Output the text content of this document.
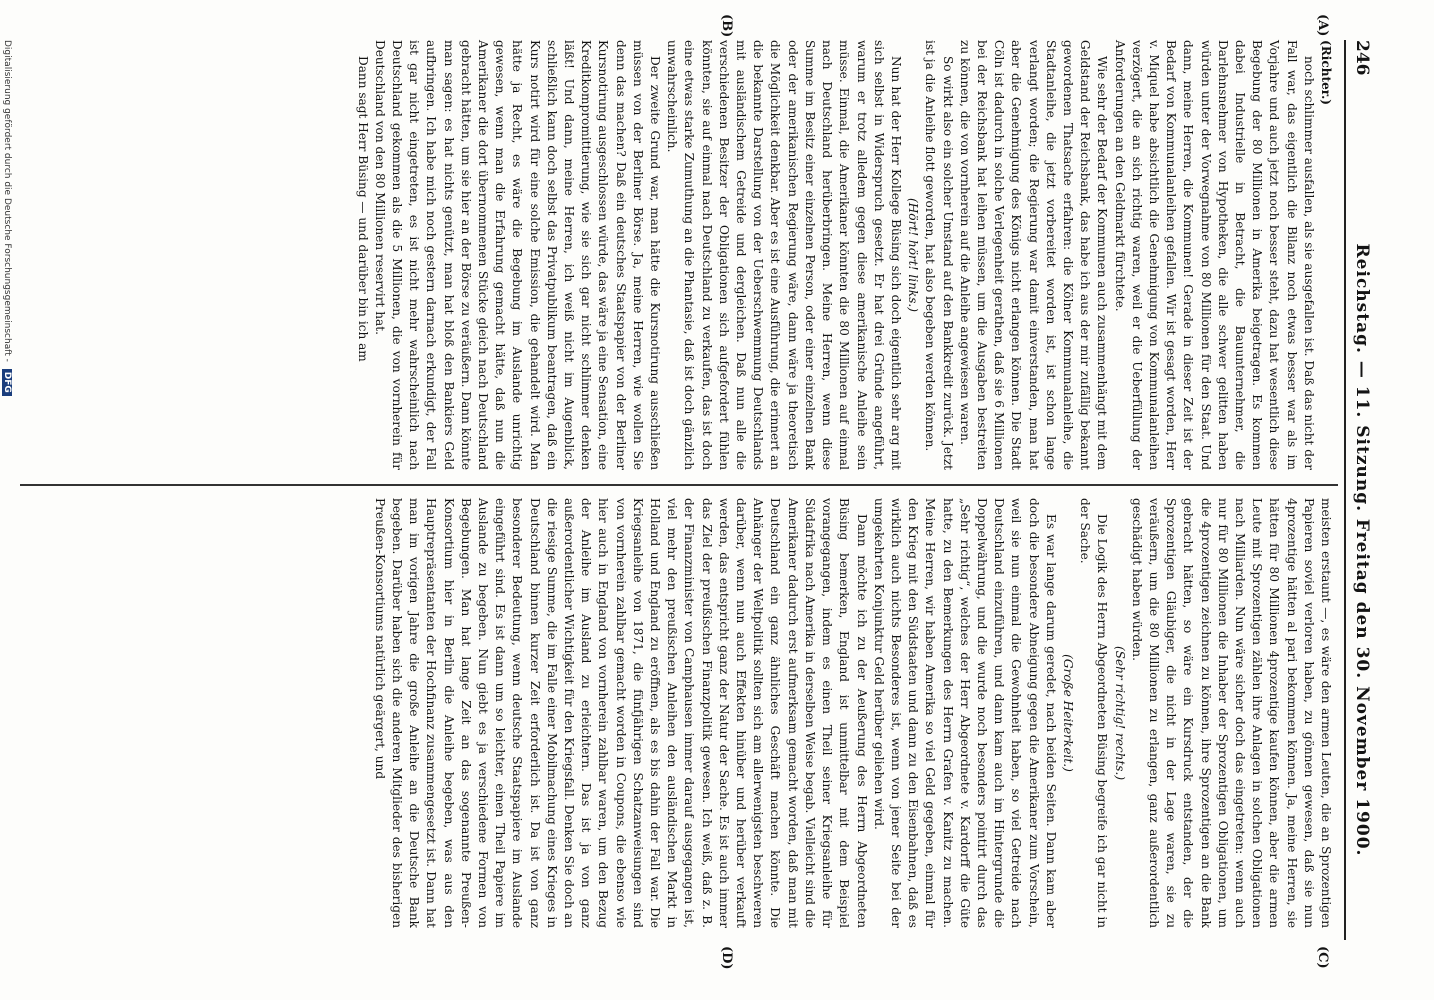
246
Reichstag. — 11. Sitzung. Freitag den 30. November 1900.
(A)
(B)
(C)
(D)

(Richter.)

noch schlimmer ausfallen, als sie ausgefallen ist. Daß das nicht der Fall war, das eigentlich die Bilanz noch etwas besser war als im Vorjahre und auch jetzt noch besser steht, dazu hat wesentlich diese Begebung der 80 Millionen in Amerika beigetragen. Es kommen dabei Industrielle in Betracht, die Bauunternehmer, die Darlehnsnehmer von Hypotheken, die alle schwer gelitten haben würden unter der Vorwegnahme von 80 Millionen für den Staat. Und dann, meine Herren, die Kommunen! Gerade in dieser Zeit ist der Bedarf von Kommunalanleihen gefallen. Wir ist gesagt worden, Herr v. Miquel habe absichtlich die Genehmigung von Kommunalanleihen verzögert, die an sich richtig waren, weil er die Ueberfüllung der Anforderungen an den Geldmarkt fürchtete.

Wie sehr der Bedarf der Kommunen auch zusammenhängt mit dem Geldstand der Reichsbank, das habe ich aus der mir zufällig bekannt gewordenen Thatsache erfahren: die Kölner Kommunalanleihe, die Stadtanleihe, die jetzt vorbereitet worden ist, ist schon lange verlangt worden; die Regierung war damit einverstanden, man hat aber die Genehmigung des Königs nicht erlangen können. Die Stadt Cöln ist dadurch in solche Verlegenheit gerathen, daß sie 6 Millionen bei der Reichsbank hat leihen müssen, um die Ausgaben bestreiten zu können, die von vornherein auf die Anleihe angewiesen waren.

So wirkt also ein solcher Umstand auf den Bankkredit zurück. Jetzt ist ja die Anleihe flott geworden, hat also begeben werden können.

(Hört! hört! links.)

Nun hat der Herr Kollege Büsing sich doch eigentlich sehr arg mit sich selbst in Widerspruch gesetzt. Er hat drei Gründe angeführt, warum er trotz alledem gegen diese amerikanische Anleihe sein müsse. Einmal, die Amerikaner könnten die 80 Millionen auf einmal nach Deutschland herüberbringen. Meine Herren, wenn diese Summe im Besitz einer einzelnen Person, oder einer einzelnen Bank oder der amerikanischen Regierung wäre, dann wäre ja theoretisch die Möglichkeit denkbar. Aber es ist eine Ausführung, die erinnert an die bekannte Darstellung von der Ueberschwemmung Deutschlands mit ausländischem Getreide und dergleichen. Daß nun alle die verschiedenen Besitzer der Obligationen sich aufgefordert fühlen könnten, sie auf einmal nach Deutschland zu verkaufen, das ist doch eine etwas starke Zumuthung an die Phantasie, daß ist doch gänzlich unwahrscheinlich.

Der zweite Grund war, man hätte die Kursnotirung ausschließen müssen von der Berliner Börse. Ja, meine Herren, wie wollen Sie denn das machen? Daß ein deutsches Staatspapier von der Berliner Kursnotirung ausgeschlossen würde, das wäre ja eine Sensation, eine Kreditkompromittierung, wie sie sich gar nicht schlimmer denken läßt! Und dann, meine Herren, ich weiß nicht im Augenblick, schließlich kann doch selbst das Privatpublikum beantragen, daß ein Kurs notirt wird für eine solche Emission, die gehandelt wird. Man hätte ja Recht, es wäre die Begebung im Auslande unrichtig gewesen, wenn man die Erfahrung gemacht hätte, daß nun die Amerikaner die dort übernommenen Stücke gleich nach Deutschland gebracht hätten, um sie hier an der Börse zu veräußern. Dann könnte man sagen: es hat nichts genützt, man hat bloß den Bankiers Geld aufbringen. Ich habe mich noch gestern darnach erkundigt, der Fall ist gar nicht eingetreten, es ist nicht mehr wahrscheinlich nach Deutschland gekommen als die 5 Millionen, die von vornherein für Deutschland von den 80 Millionen reservirt hat.

Dann sagt Herr Büsing — und darüber bin ich am

meisten erstaunt —, es wäre den armen Leuten, die an Sprozentigen Papieren soviel verloren haben, zu gönnen gewesen, daß sie nun 4prozentige hätten al pari bekommen können. Ja, meine Herren, sie hätten für 80 Millionen 4prozentige kaufen können, aber die armen Leute mit Sprozentigen zählen ihre Anlagen in solchen Obligationen nach Milliarden. Nun wäre sicher doch das eingetreten: wenn auch nur für 80 Millionen die Inhaber der Sprozentigen Obligationen, um die 4prozentigen zeichnen zu können, ihre Sprozentigen an die Bank gebracht hätten, so wäre ein Kursdruck entstanden, der die Sprozentigen Gläubiger, die nicht in der Lage waren, sie zu veräußern, um die 80 Millionen zu erlangen, ganz außerordentlich geschädigt haben würden.

(Sehr richtig! rechts.)

Die Logik des Herrn Abgeordneten Büsing begreife ich gar nicht in der Sache.

(Große Heiterkeit.)

Es war lange darum geredet, nach beiden Seiten. Dann kam aber doch die besondere Abneigung gegen die Amerikaner zum Vorschein, weil sie nun einmal die Gewohnheit haben, so viel Getreide nach Deutschland einzuführen, und dann kam auch im Hintergrunde die Doppelwährung, und die wurde noch besonders pointirt durch das „Sehr richtig“, welches der Herr Abgeordnete v. Kardorff die Güte hatte, zu den Bemerkungen des Herrn Grafen v. Kanitz zu machen. Meine Herren, wir haben Amerika so viel Geld gegeben, einmal für den Krieg mit den Südstaaten und dann zu den Eisenbahnen, daß es wirklich auch nichts Besonderes ist, wenn von jener Seite bei der umgekehrten Konjunktur Geld herüber geliehen wird.

Dann möchte ich zu der Aeußerung des Herrn Abgeordneten Büsing bemerken, England ist unmittelbar mit dem Beispiel vorangegangen, indem es einen Theil seiner Kriegsanleihe für Südafrika nach Amerika in derselben Weise begab. Vielleicht sind die Amerikaner dadurch erst aufmerksam gemacht worden, daß man mit Deutschland ein ganz ähnliches Geschäft machen könnte. Die Anhänger der Weltpolitik sollten sich am allerwenigsten beschweren darüber, wenn nun auch Effekten hinüber und herüber verkauft werden, das entspricht ganz der Natur der Sache. Es ist auch immer das Ziel der preußischen Finanzpolitik gewesen. Ich weiß, daß z. B. der Finanzminister von Camphausen immer darauf ausgegangen ist, viel mehr den preußischen Anleihen den ausländischen Markt in Holland und England zu eröffnen, als es bis dahin der Fall war. Die Kriegsanleihe von 1871, die fünfjährigen Schatzanweisungen sind von vornherein zahlbar gemacht worden in Coupons, die ebenso wie hier auch in England von vornherein zahlbar waren, um den Bezug der Anleihe im Ausland zu erleichtern. Das ist ja von ganz außerordentlicher Wichtigkeit für den Kriegsfall. Denken Sie doch an die riesige Summe, die im Falle einer Mobilmachung eines Krieges in Deutschland binnen kurzer Zeit erforderlich ist. Da ist von ganz besonderer Bedeutung, wenn deutsche Staatspapiere im Auslande eingeführt sind. Es ist dann um so leichter, einen Theil Papiere im Auslande zu begeben. Nun giebt es ja verschiedene Formen von Begebungen. Man hat lange Zeit an das sogenannte Preußen-Konsortium hier in Berlin die Anleihe begeben, was aus den Hauptrepräsentanten der Hochfinanz zusammengesetzt ist. Dann hat man im vorigen Jahre die große Anleihe an die Deutsche Bank begeben. Darüber haben sich die anderen Mitglieder des bisherigen Preußen-Konsortiums natürlich geärgert, und

Digitalisierung gefördert durch die Deutsche Forschungsgemeinschaft - DFG
